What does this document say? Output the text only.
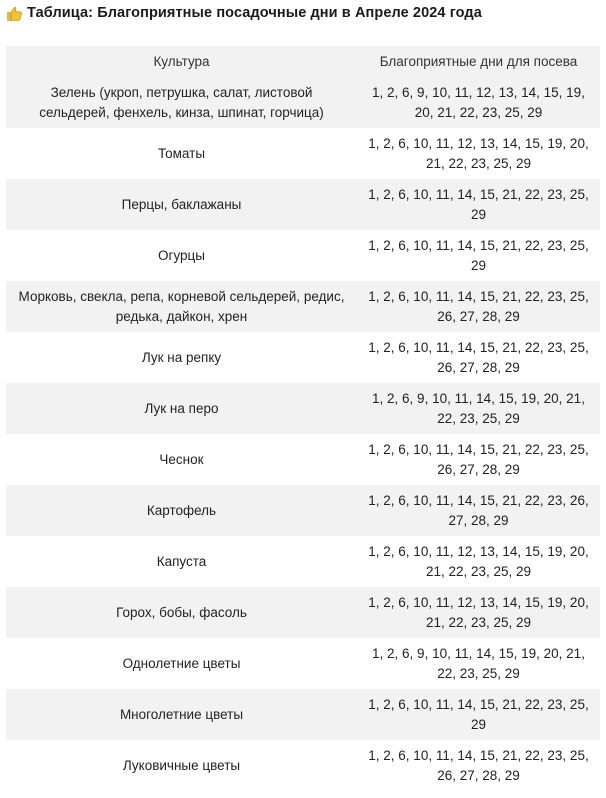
Таблица: Благоприятные посадочные дни в Апреле 2024 года
Культура	Благоприятные дни для посева
Зелень (укроп, петрушка, салат, листовой сельдерей, фенхель, кинза, шпинат, горчица)
1, 2, 6, 9, 10, 11, 12, 13, 14, 15, 19, 20, 21, 22, 23, 25, 29
Томаты
1, 2, 6, 10, 11, 12, 13, 14, 15, 19, 20, 21, 22, 23, 25, 29
Перцы, баклажаны
1, 2, 6, 10, 11, 14, 15, 21, 22, 23, 25, 29
Огурцы
1, 2, 6, 10, 11, 14, 15, 21, 22, 23, 25, 29
Морковь, свекла, репа, корневой сельдерей, редис, редька, дайкон, хрен
1, 2, 6, 10, 11, 14, 15, 21, 22, 23, 25, 26, 27, 28, 29
Лук на репку
1, 2, 6, 10, 11, 14, 15, 21, 22, 23, 25, 26, 27, 28, 29
Лук на перо
1, 2, 6, 9, 10, 11, 14, 15, 19, 20, 21, 22, 23, 25, 29
Чеснок
1, 2, 6, 10, 11, 14, 15, 21, 22, 23, 25, 26, 27, 28, 29
Картофель
1, 2, 6, 10, 11, 14, 15, 21, 22, 23, 26, 27, 28, 29
Капуста
1, 2, 6, 10, 11, 12, 13, 14, 15, 19, 20, 21, 22, 23, 25, 29
Горох, бобы, фасоль
1, 2, 6, 10, 11, 12, 13, 14, 15, 19, 20, 21, 22, 23, 25, 29
Однолетние цветы
1, 2, 6, 9, 10, 11, 14, 15, 19, 20, 21, 22, 23, 25, 29
Многолетние цветы
1, 2, 6, 10, 11, 14, 15, 21, 22, 23, 25, 29
Луковичные цветы
1, 2, 6, 10, 11, 14, 15, 21, 22, 23, 25, 26, 27, 28, 29
